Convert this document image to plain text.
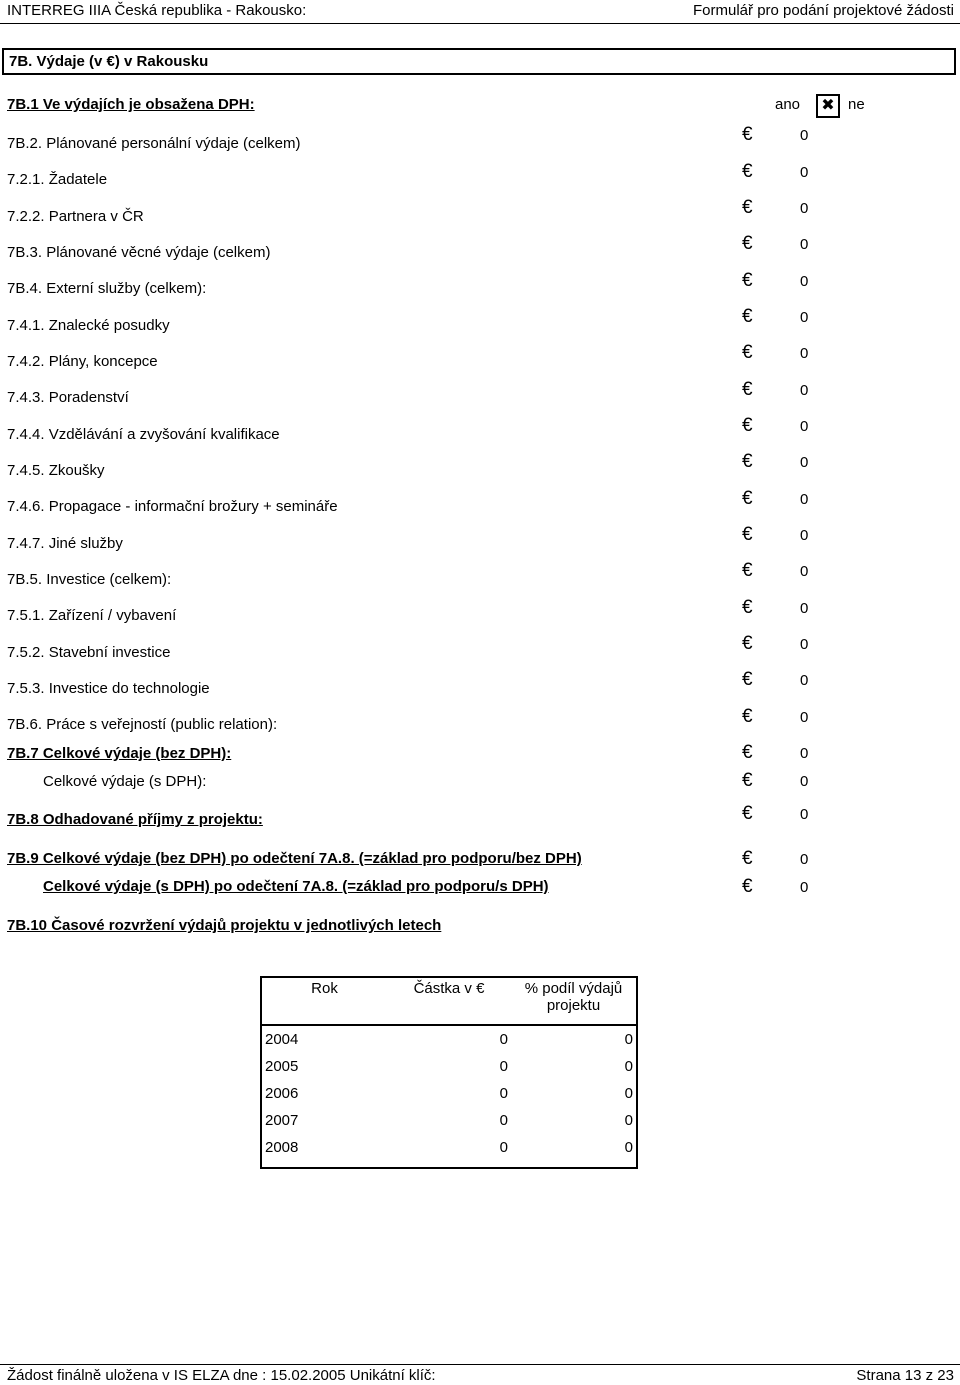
INTERREG IIIA Česká republika - Rakousko:	Formulář pro podání projektové žádosti
7B. Výdaje (v €) v Rakousku
7B.1 Ve výdajích je obsažena DPH:	ano ✖ ne
7B.2. Plánované personální výdaje (celkem)	€	0
7.2.1. Žadatele	€	0
7.2.2. Partnera v ČR	€	0
7B.3. Plánované věcné výdaje (celkem)	€	0
7B.4. Externí služby (celkem):	€	0
7.4.1. Znalecké posudky	€	0
7.4.2. Plány, koncepce	€	0
7.4.3. Poradenství	€	0
7.4.4. Vzdělávání a zvyšování kvalifikace	€	0
7.4.5. Zkoušky	€	0
7.4.6. Propagace - informační brožury + semináře	€	0
7.4.7. Jiné služby	€	0
7B.5. Investice (celkem):	€	0
7.5.1. Zařízení / vybavení	€	0
7.5.2. Stavební investice	€	0
7.5.3. Investice do technologie	€	0
7B.6. Práce s veřejností (public relation):	€	0
7B.7 Celkové výdaje (bez DPH):	€	0
Celkové výdaje (s DPH):	€	0
7B.8 Odhadované příjmy z projektu:	€	0
7B.9 Celkové výdaje (bez DPH) po odečtení 7A.8. (=základ pro podporu/bez DPH)	€	0
Celkové výdaje (s DPH) po odečtení 7A.8. (=základ pro podporu/s DPH)	€	0
7B.10 Časové rozvržení výdajů projektu v jednotlivých letech
Rok	Částka v €	% podíl výdajů projektu
2004	0	0
2005	0	0
2006	0	0
2007	0	0
2008	0	0
Žádost finálně uložena v IS ELZA dne : 15.02.2005 Unikátní klíč:	Strana 13 z 23
